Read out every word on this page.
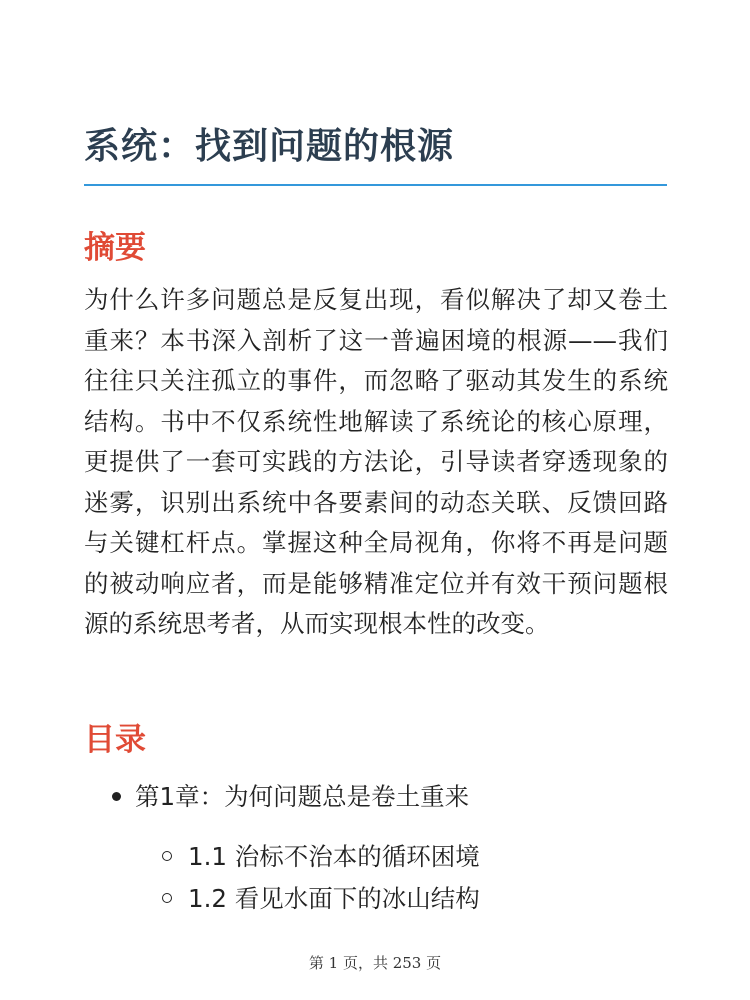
系统：找到问题的根源
摘要

为什么许多问题总是反复出现，看似解决了却又卷土重来？本书深入剖析了这一普遍困境的根源——我们往往只关注孤立的事件，而忽略了驱动其发生的系统结构。书中不仅系统性地解读了系统论的核心原理，更提供了一套可实践的方法论，引导读者穿透现象的迷雾，识别出系统中各要素间的动态关联、反馈回路与关键杠杆点。掌握这种全局视角，你将不再是问题的被动响应者，而是能够精准定位并有效干预问题根源的系统思考者，从而实现根本性的改变。

目录
第1章：为何问题总是卷土重来
1.1 治标不治本的循环困境
1.2 看见水面下的冰山结构
第 1 页，共 253 页
